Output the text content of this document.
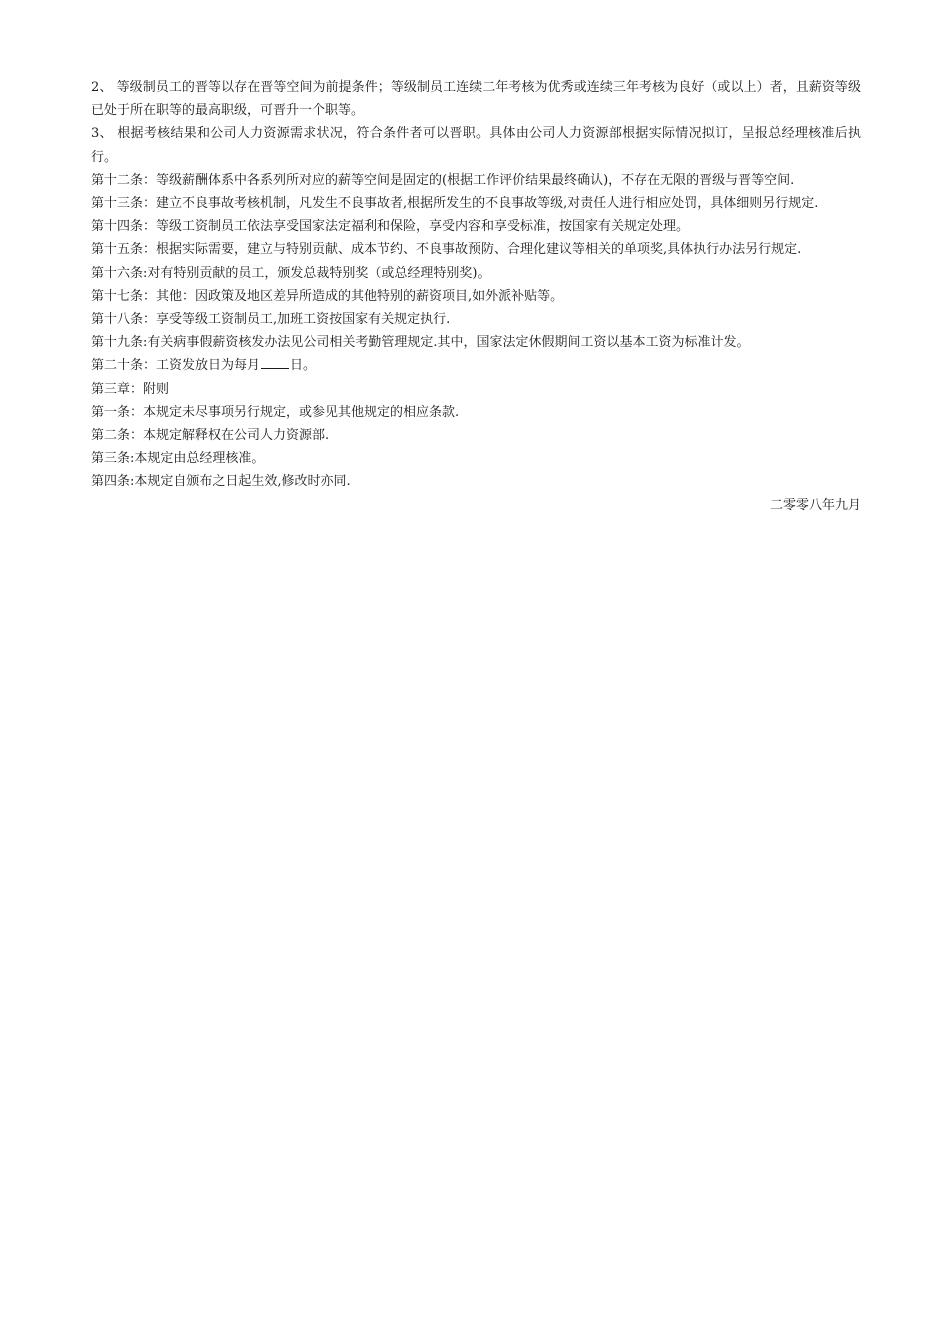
2、 等级制员工的晋等以存在晋等空间为前提条件；等级制员工连续二年考核为优秀或连续三年考核为良好（或以上）者，且薪资等级已处于所在职等的最高职级，可晋升一个职等。

3、 根据考核结果和公司人力资源需求状况，符合条件者可以晋职。具体由公司人力资源部根据实际情况拟订，呈报总经理核准后执行。

第十二条：等级薪酬体系中各系列所对应的薪等空间是固定的(根据工作评价结果最终确认)，不存在无限的晋级与晋等空间.

第十三条：建立不良事故考核机制，凡发生不良事故者,根据所发生的不良事故等级,对责任人进行相应处罚，具体细则另行规定.

第十四条：等级工资制员工依法享受国家法定福利和保险，享受内容和享受标准，按国家有关规定处理。

第十五条：根据实际需要，建立与特别贡献、成本节约、不良事故预防、合理化建议等相关的单项奖,具体执行办法另行规定.

第十六条:对有特别贡献的员工，颁发总裁特别奖（或总经理特别奖)。

第十七条：其他：因政策及地区差异所造成的其他特别的薪资项目,如外派补贴等。

第十八条：享受等级工资制员工,加班工资按国家有关规定执行.

第十九条:有关病事假薪资核发办法见公司相关考勤管理规定.其中，国家法定休假期间工资以基本工资为标准计发。

第二十条：工资发放日为每月 日。

第三章：附则

第一条：本规定未尽事项另行规定，或参见其他规定的相应条款.

第二条：本规定解释权在公司人力资源部.

第三条:本规定由总经理核准。

第四条:本规定自颁布之日起生效,修改时亦同.

二零零八年九月
